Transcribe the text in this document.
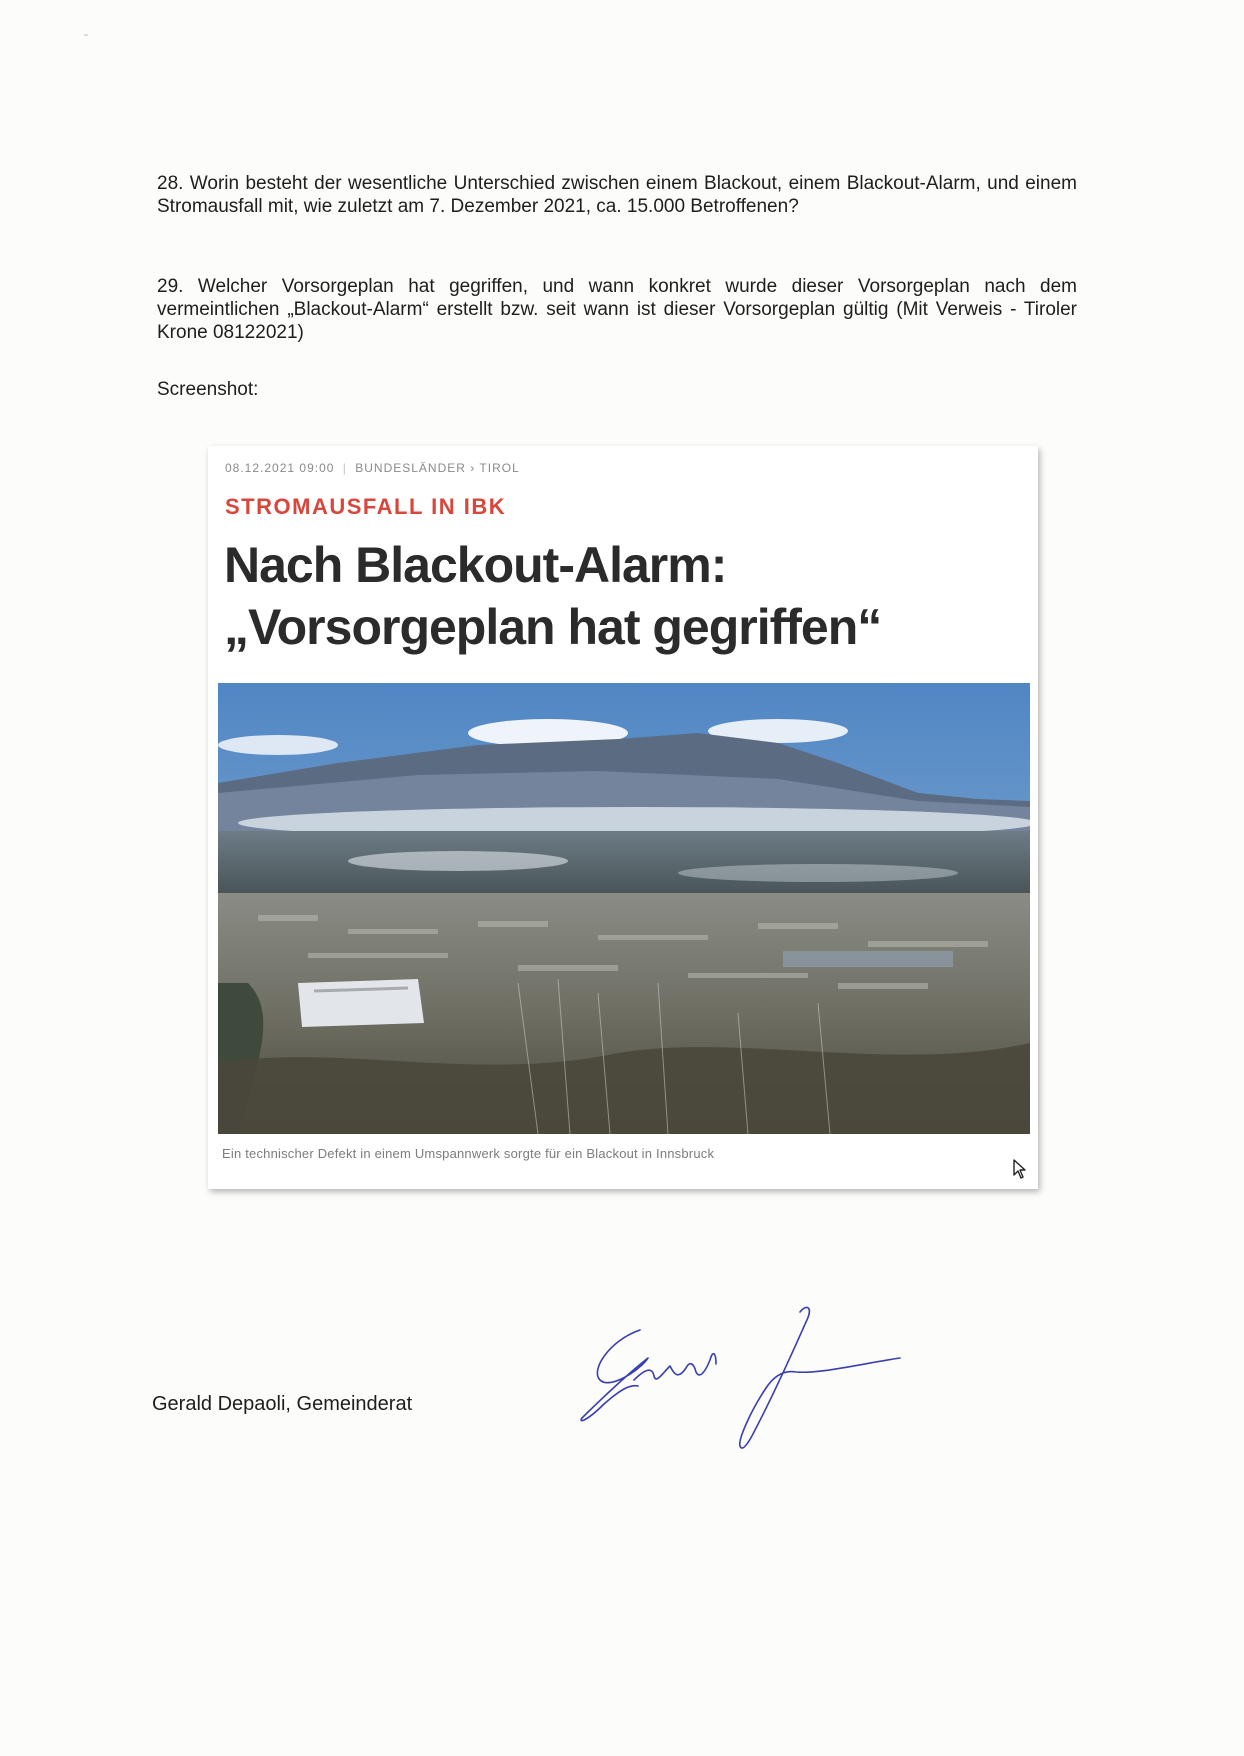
28. Worin besteht der wesentliche Unterschied zwischen einem Blackout, einem Blackout-Alarm, und einem Stromausfall mit, wie zuletzt am 7. Dezember 2021, ca. 15.000 Betroffenen?

29. Welcher Vorsorgeplan hat gegriffen, und wann konkret wurde dieser Vorsorgeplan nach dem vermeintlichen „Blackout-Alarm“ erstellt bzw. seit wann ist dieser Vorsorgeplan gültig (Mit Verweis - Tiroler Krone 08122021)

Screenshot:

08.12.2021 09:00 | BUNDESLÄNDER › TIROL
STROMAUSFALL IN IBK
Nach Blackout-Alarm:
„Vorsorgeplan hat gegriffen“
Ein technischer Defekt in einem Umspannwerk sorgte für ein Blackout in Innsbruck

Gerald Depaoli, Gemeinderat
